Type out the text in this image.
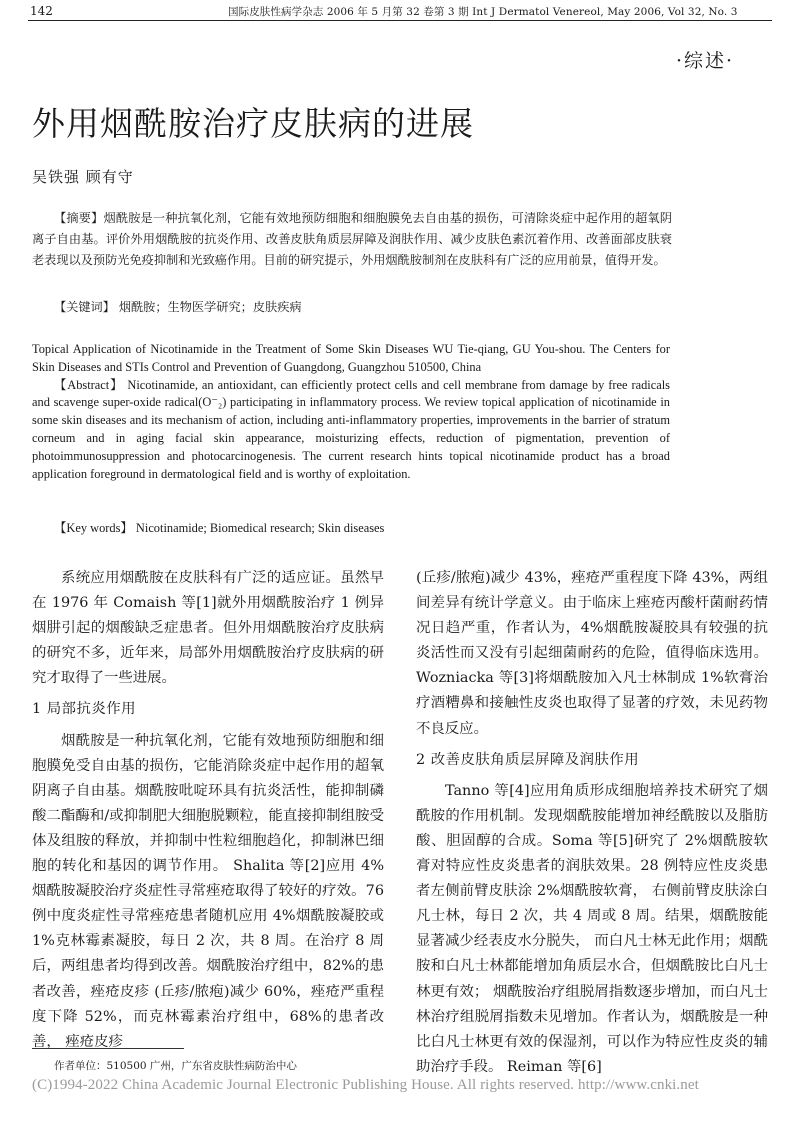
142	国际皮肤性病学杂志 2006 年 5 月第 32 卷第 3 期 Int J Dermatol Venereol, May 2006, Vol 32, No. 3
·综述·
外用烟酰胺治疗皮肤病的进展
吴铁强 顾有守
【摘要】烟酰胺是一种抗氧化剂，它能有效地预防细胞和细胞膜免去自由基的损伤，可清除炎症中起作用的超氧阴离子自由基。评价外用烟酰胺的抗炎作用、改善皮肤角质层屏障及润肤作用、减少皮肤色素沉着作用、改善面部皮肤衰老表现以及预防光免疫抑制和光致癌作用。目前的研究提示，外用烟酰胺制剂在皮肤科有广泛的应用前景，值得开发。
【关键词】 烟酰胺；生物医学研究；皮肤疾病

Topical Application of Nicotinamide in the Treatment of Some Skin Diseases WU Tie-qiang, GU You-shou. The Centers for Skin Diseases and STIs Control and Prevention of Guangdong, Guangzhou 510500, China

【Abstract】 Nicotinamide, an antioxidant, can efficiently protect cells and cell membrane from damage by free radicals and scavenge super-oxide radical(O⁻₂) participating in inflammatory process. We review topical application of nicotinamide in some skin diseases and its mechanism of action, including anti-inflammatory properties, improvements in the barrier of stratum corneum and in aging facial skin appearance, moisturizing effects, reduction of pigmentation, prevention of photoimmunosuppression and photocarcinogenesis. The current research hints topical nicotinamide product has a broad application foreground in dermatological field and is worthy of exploitation.

【Key words】 Nicotinamide; Biomedical research; Skin diseases

系统应用烟酰胺在皮肤科有广泛的适应证。虽然早在 1976 年 Comaish 等[1]就外用烟酰胺治疗 1 例异烟肼引起的烟酸缺乏症患者。但外用烟酰胺治疗皮肤病的研究不多，近年来，局部外用烟酰胺治疗皮肤病的研究才取得了一些进展。

1 局部抗炎作用

烟酰胺是一种抗氧化剂，它能有效地预防细胞和细胞膜免受自由基的损伤，它能消除炎症中起作用的超氧阴离子自由基。烟酰胺吡啶环具有抗炎活性，能抑制磷酸二酯酶和/或抑制肥大细胞脱颗粒，能直接抑制组胺受体及组胺的释放，并抑制中性粒细胞趋化，抑制淋巴细胞的转化和基因的调节作用。 Shalita 等[2]应用 4%烟酰胺凝胶治疗炎症性寻常痤疮取得了较好的疗效。76 例中度炎症性寻常痤疮患者随机应用 4%烟酰胺凝胶或 1%克林霉素凝胶，每日 2 次，共 8 周。在治疗 8 周后，两组患者均得到改善。烟酰胺治疗组中，82%的患者改善，痤疮皮疹 (丘疹/脓疱)减少 60%，痤疮严重程度下降 52%，而克林霉素治疗组中，68%的患者改善， 痤疮皮疹

(丘疹/脓疱)减少 43%，痤疮严重程度下降 43%，两组间差异有统计学意义。由于临床上痤疮丙酸杆菌耐药情况日趋严重，作者认为，4%烟酰胺凝胶具有较强的抗炎活性而又没有引起细菌耐药的危险，值得临床选用。Wozniacka 等[3]将烟酰胺加入凡士林制成 1%软膏治疗酒糟鼻和接触性皮炎也取得了显著的疗效，未见药物不良反应。

2 改善皮肤角质层屏障及润肤作用

Tanno 等[4]应用角质形成细胞培养技术研究了烟酰胺的作用机制。发现烟酰胺能增加神经酰胺以及脂肪酸、胆固醇的合成。Soma 等[5]研究了 2%烟酰胺软膏对特应性皮炎患者的润肤效果。28 例特应性皮炎患者左侧前臂皮肤涂 2%烟酰胺软膏， 右侧前臂皮肤涂白凡士林，每日 2 次，共 4 周或 8 周。结果，烟酰胺能显著减少经表皮水分脱失， 而白凡士林无此作用；烟酰胺和白凡士林都能增加角质层水合，但烟酰胺比白凡士林更有效； 烟酰胺治疗组脱屑指数逐步增加，而白凡士林治疗组脱屑指数未见增加。作者认为，烟酰胺是一种比白凡士林更有效的保湿剂，可以作为特应性皮炎的辅助治疗手段。 Reiman 等[6]

作者单位：510500 广州，广东省皮肤性病防治中心
(C)1994-2022 China Academic Journal Electronic Publishing House. All rights reserved. http://www.cnki.net
